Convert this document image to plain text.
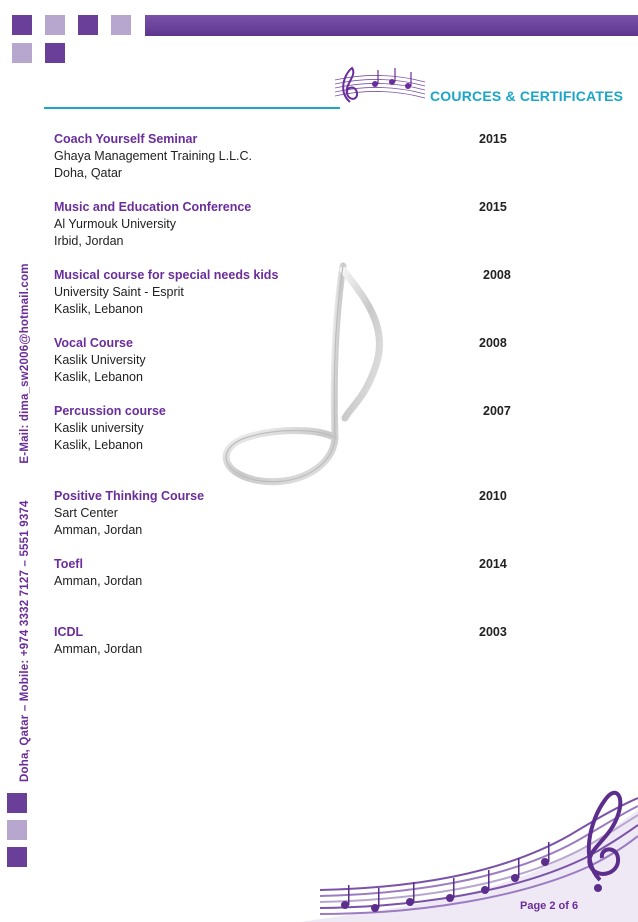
COURCES & CERTIFICATES
Coach Yourself Seminar	2015
Ghaya Management Training L.L.C.
Doha, Qatar
Music and Education Conference	2015
Al Yurmouk University
Irbid, Jordan
Musical course for special needs kids	2008
University Saint - Esprit
Kaslik, Lebanon
Vocal Course	2008
Kaslik University
Kaslik, Lebanon
Percussion course	2007
Kaslik university
Kaslik, Lebanon
Positive Thinking Course	2010
Sart Center
Amman, Jordan
Toefl	2014
Amman, Jordan
ICDL	2003
Amman, Jordan
Doha, Qatar – Mobile: +974 3332 7127 – 5551 9374  E-Mail: dima_sw2006@hotmail.com
Page 2 of 6
